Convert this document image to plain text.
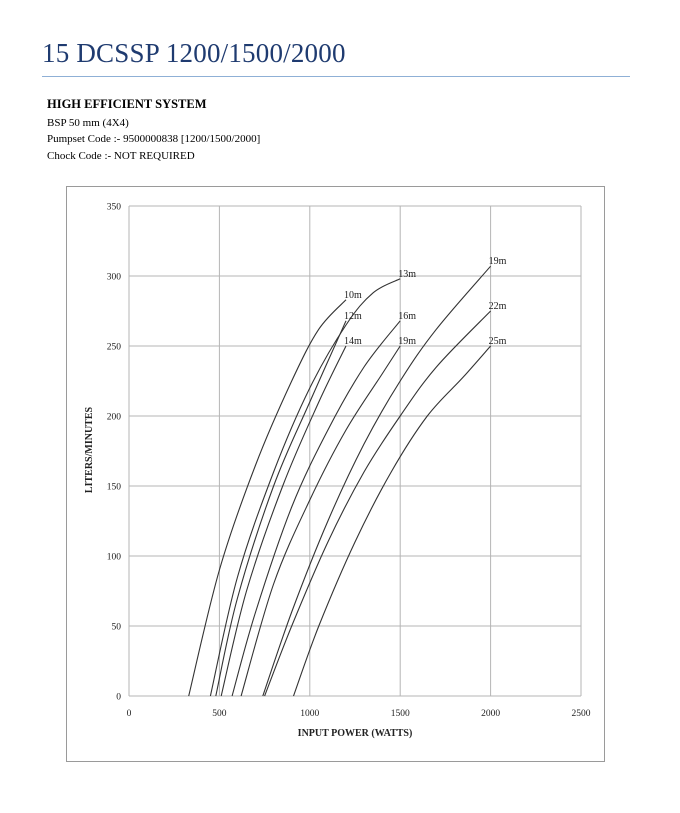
15 DCSSP 1200/1500/2000
HIGH EFFICIENT SYSTEM
BSP 50 mm (4X4)
Pumpset Code :- 9500000838 [1200/1500/2000]
Chock Code :- NOT REQUIRED
0
50
100
150
200
250
300
350
0	500	1000	1500	2000	2500
10m
13m
12m
14m
16m
19m
19m
22m
25m
INPUT POWER (WATTS)
LITERS/MINUTES
